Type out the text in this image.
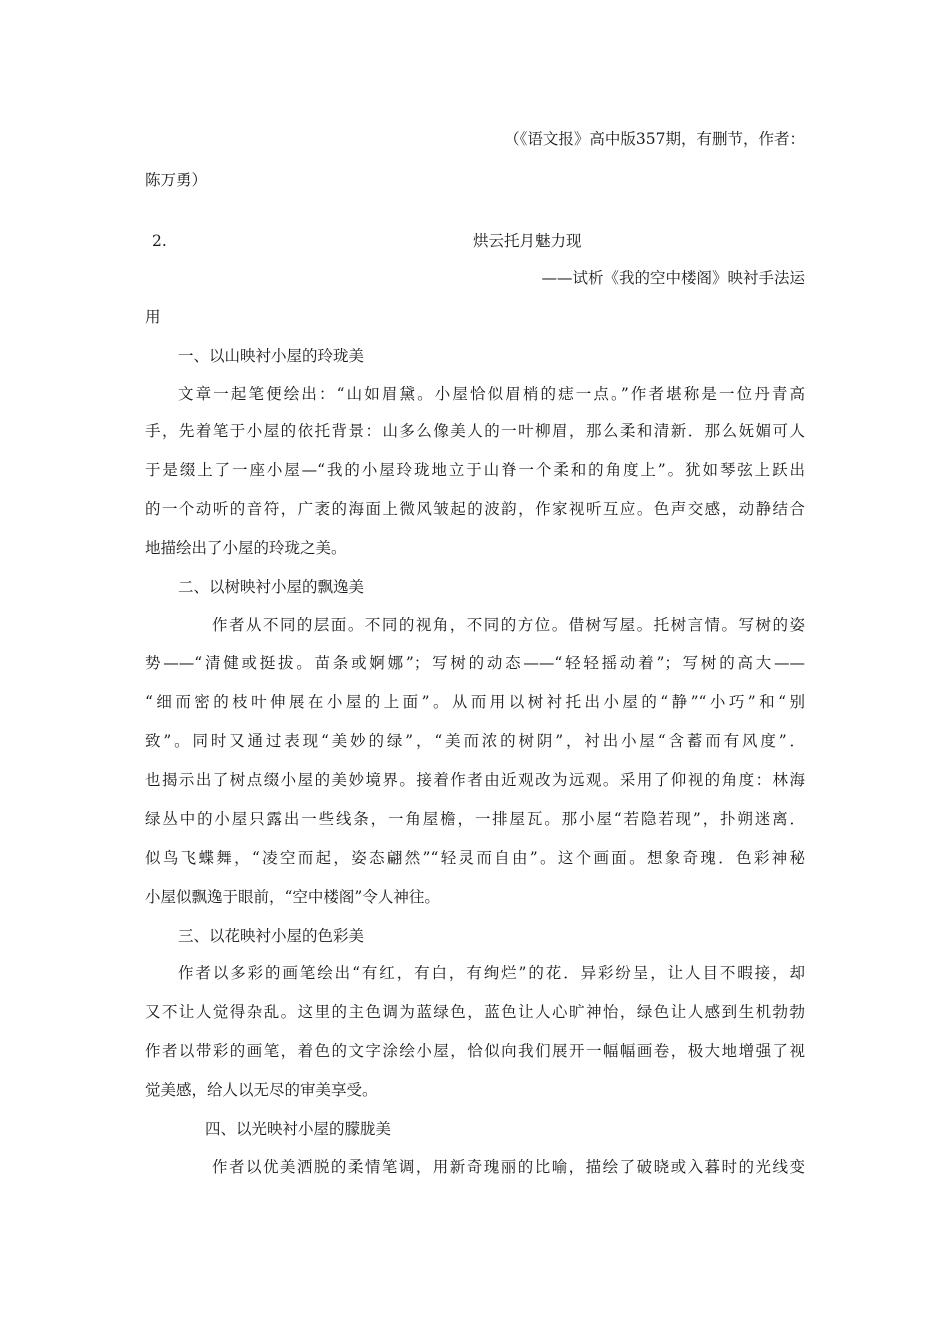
（《语文报》高中版357期，有删节，作者：
陈万勇）
2.	烘云托月魅力现
——试析《我的空中楼阁》映衬手法运
用
一、以山映衬小屋的玲珑美
文章一起笔便绘出：“山如眉黛。小屋恰似眉梢的痣一点。”作者堪称是一位丹青高
手，先着笔于小屋的依托背景：山多么像美人的一叶柳眉，那么柔和清新．那么妩媚可人
于是缀上了一座小屋—“我的小屋玲珑地立于山脊一个柔和的角度上”。犹如琴弦上跃出
的一个动听的音符，广袤的海面上微风皱起的波韵，作家视听互应。色声交感，动静结合
地描绘出了小屋的玲珑之美。
二、以树映衬小屋的飘逸美
作者从不同的层面。不同的视角，不同的方位。借树写屋。托树言情。写树的姿
势——“清健或挺拔。苗条或婀娜”；写树的动态——“轻轻摇动着”；写树的高大——
“细而密的枝叶伸展在小屋的上面”。从而用以树衬托出小屋的“静”“小巧”和“别
致”。同时又通过表现“美妙的绿”，“美而浓的树阴”，衬出小屋“含蓄而有风度”．
也揭示出了树点缀小屋的美妙境界。接着作者由近观改为远观。采用了仰视的角度：林海
绿丛中的小屋只露出一些线条，一角屋檐，一排屋瓦。那小屋“若隐若现”，扑朔迷离．
似鸟飞蝶舞，“凌空而起，姿态翩然”“轻灵而自由”。这个画面。想象奇瑰．色彩神秘
小屋似飘逸于眼前，“空中楼阁”令人神往。
三、以花映衬小屋的色彩美
作者以多彩的画笔绘出“有红，有白，有绚烂”的花．异彩纷呈，让人目不暇接，却
又不让人觉得杂乱。这里的主色调为蓝绿色，蓝色让人心旷神怡，绿色让人感到生机勃勃
作者以带彩的画笔，着色的文字涂绘小屋，恰似向我们展开一幅幅画卷，极大地增强了视
觉美感，给人以无尽的审美享受。
四、以光映衬小屋的朦胧美
作者以优美洒脱的柔情笔调，用新奇瑰丽的比喻，描绘了破晓或入暮时的光线变
